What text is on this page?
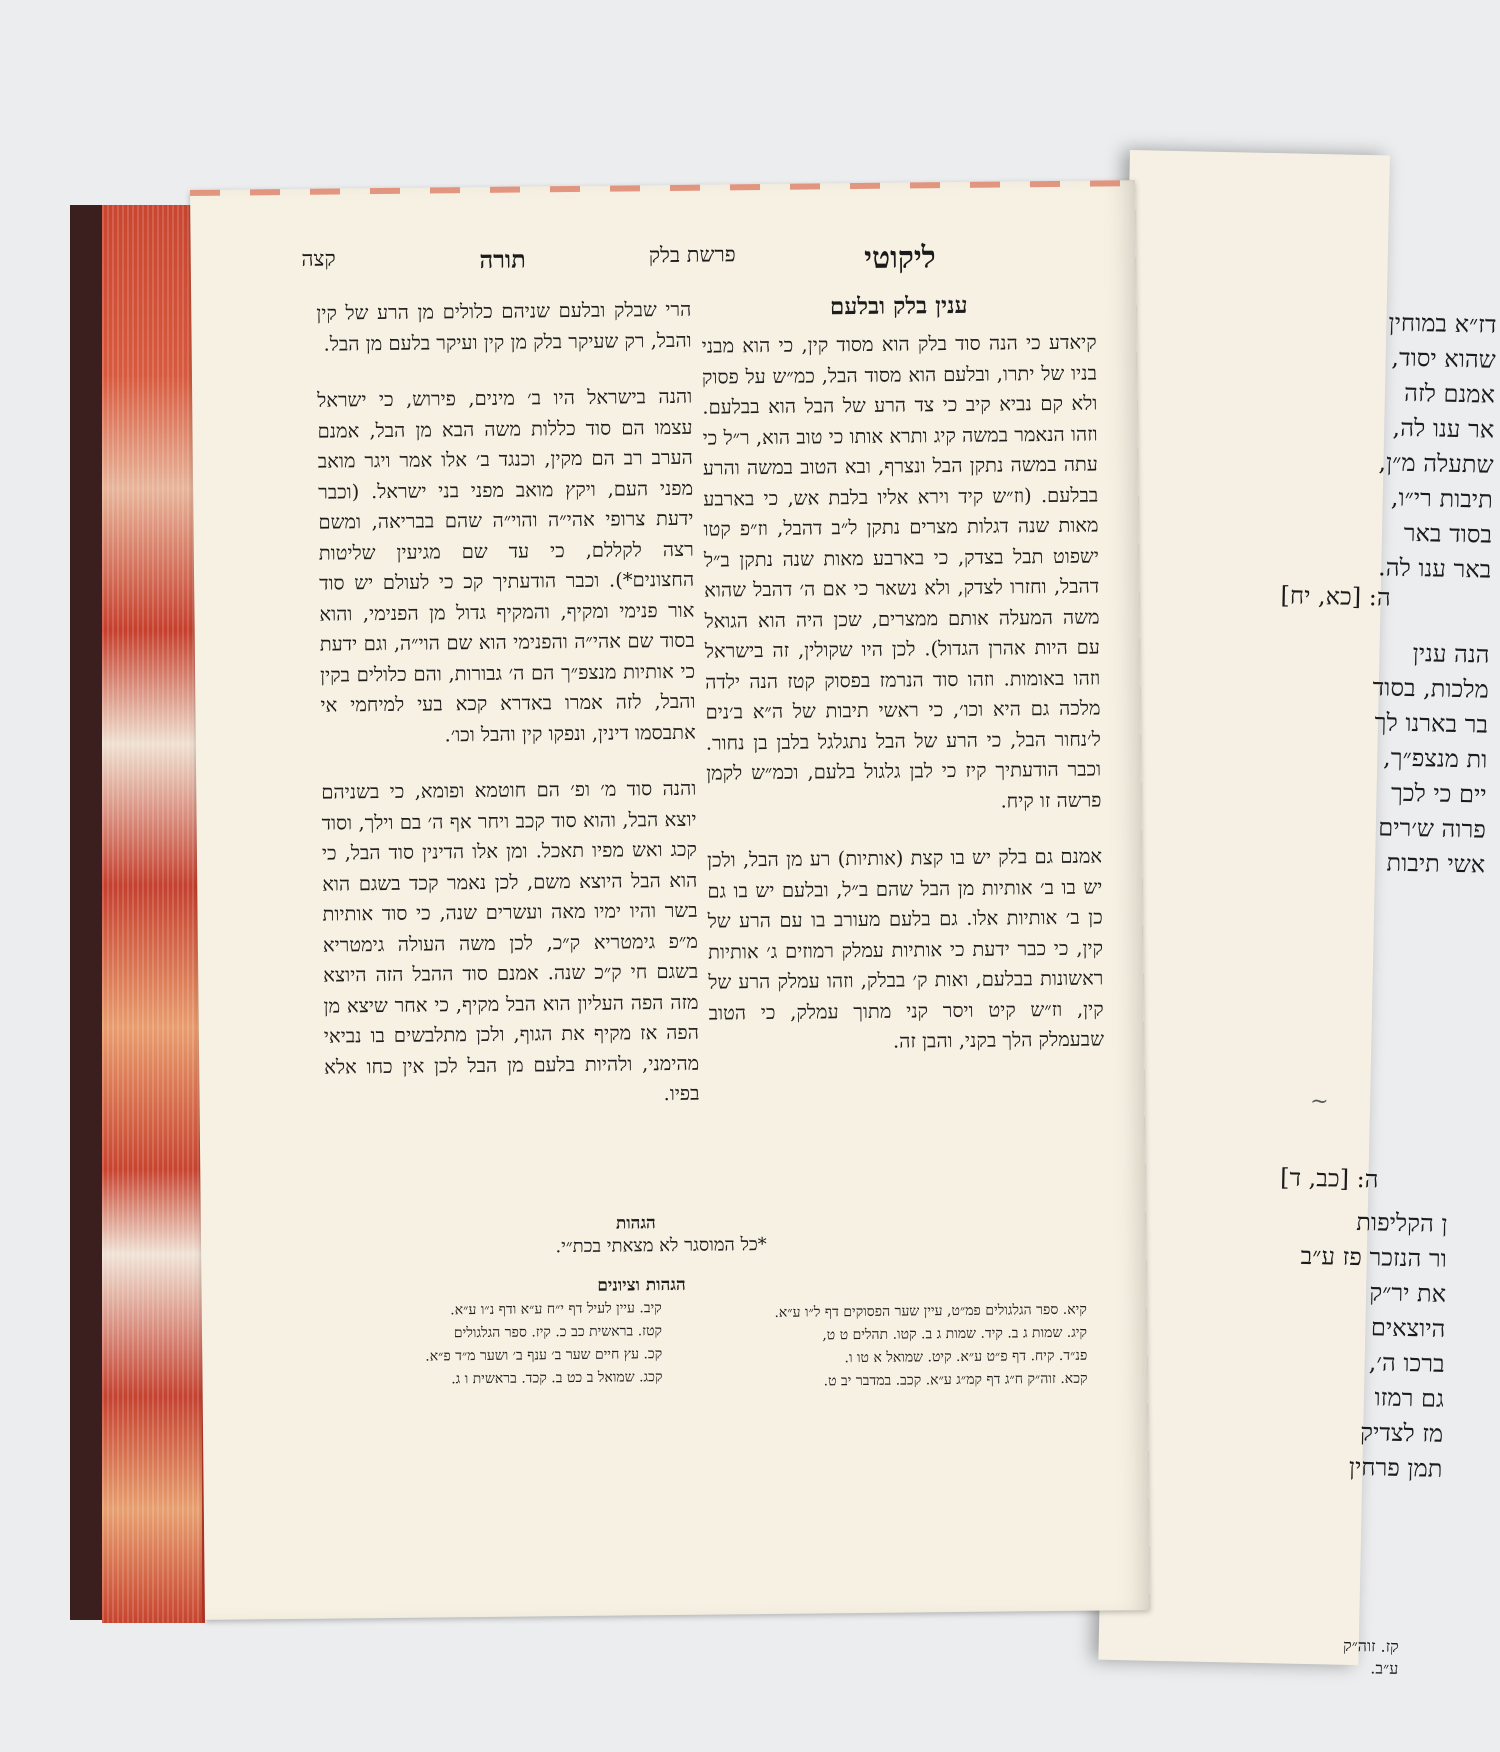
דז״א במוחין
שהוא יסוד,
אמנם לזה
אר ענו לה,
שתעלה מ״ן,
תיבות רי״ו,
בסוד באר
באר ענו לה.
ה: [כא, יח]
הנה ענין
מלכות, בסוד
בר בארנו לך
ות מנצפ״ך,
יים כי לכך
פרוה ש׳רים
אשי תיבות
~
ה: [כב, ד]
ן הקליפות
ור הנזכר פז ע״ב
את יר״ק
היוצאים
ברכו ה׳,
גם רמזו
מז לצדיק
תמן פרחין
קז. זוה״ק
ע״ב.
ליקוטי
פרשת בלק
תורה
קצה
ענין בלק ובלעם

קיאדע כי הנה סוד בלק הוא מסוד קין, כי הוא מבני בניו של יתרו, ובלעם הוא מסוד הבל, כמ״ש על פסוק ולא קם נביא קיב כי צד הרע של הבל הוא בבלעם. וזהו הנאמר במשה קיג ותרא אותו כי טוב הוא, ר״ל כי עתה במשה נתקן הבל ונצרף, ובא הטוב במשה והרע בבלעם. (וז״ש קיד וירא אליו בלבת אש, כי בארבע מאות שנה דגלות מצרים נתקן ל״ב דהבל, וז״פ קטו ישפוט תבל בצדק, כי בארבע מאות שנה נתקן ב״ל דהבל, וחזרו לצדק, ולא נשאר כי אם ה׳ דהבל שהוא משה המעלה אותם ממצרים, שכן היה הוא הגואל עם היות אהרן הגדול). לכן היו שקולין, זה בישראל וזהו באומות. וזהו סוד הנרמז בפסוק קטז הנה ילדה מלכה גם היא וכו׳, כי ראשי תיבות של ה״א ב׳נים ל׳נחור הבל, כי הרע של הבל נתגלגל בלבן בן נחור. וכבר הודעתיך קיז כי לבן גלגול בלעם, וכמ״ש לקמן פרשה זו קיח.

אמנם גם בלק יש בו קצת (אותיות) רע מן הבל, ולכן יש בו ב׳ אותיות מן הבל שהם ב״ל, ובלעם יש בו גם כן ב׳ אותיות אלו. גם בלעם מעורב בו עם הרע של קין, כי כבר ידעת כי אותיות עמלק רמוזים ג׳ אותיות ראשונות בבלעם, ואות ק׳ בבלק, וזהו עמלק הרע של קין, וז״ש קיט ויסר קני מתוך עמלק, כי הטוב שבעמלק הלך בקני, והבן זה.

הרי שבלק ובלעם שניהם כלולים מן הרע של קין והבל, רק שעיקר בלק מן קין ועיקר בלעם מן הבל.

והנה בישראל היו ב׳ מינים, פירוש, כי ישראל עצמו הם סוד כללות משה הבא מן הבל, אמנם הערב רב הם מקין, וכנגד ב׳ אלו אמר ויגר מואב מפני העם, ויקץ מואב מפני בני ישראל. (וכבר ידעת צרופי אהי״ה והוי״ה שהם בבריאה, ומשם רצה לקללם, כי עד שם מגיעין שליטות החצונים*). וכבר הודעתיך קכ כי לעולם יש סוד אור פנימי ומקיף, והמקיף גדול מן הפנימי, והוא בסוד שם אהי״ה והפנימי הוא שם הוי״ה, וגם ידעת כי אותיות מנצפ״ך הם ה׳ גבורות, והם כלולים בקין והבל, לזה אמרו באדרא קכא בעי למיחמי אי אתבסמו דינין, ונפקו קין והבל וכו׳.

והנה סוד מ׳ ופ׳ הם חוטמא ופומא, כי בשניהם יוצא הבל, והוא סוד קכב ויחר אף ה׳ בם וילך, וסוד קכג ואש מפיו תאכל. ומן אלו הדינין סוד הבל, כי הוא הבל היוצא משם, לכן נאמר קכד בשגם הוא בשר והיו ימיו מאה ועשרים שנה, כי סוד אותיות מ״פ גימטריא ק״כ, לכן משה העולה גימטריא בשגם חי ק״כ שנה. אמנם סוד ההבל הזה היוצא מזה הפה העליון הוא הבל מקיף, כי אחר שיצא מן הפה אז מקיף את הגוף, ולכן מתלבשים בו נביאי מהימני, ולהיות בלעם מן הבל לכן אין כחו אלא בפיו.

הגהות
*כל המוסגר לא מצאתי בכת״י.
הגהות וציונים
קיא. ספר הגלגולים פמ״ט, עיין שער הפסוקים דף ל״ו ע״א.
קיג. שמות ג ב. קיד. שמות ג ב. קטו. תהלים ט ט,
פנ״ד. קיח. דף פ״ט ע״א. קיט. שמואל א טו ו.
קכא. זוה״ק ח״ג דף קמ״ג ע״א. קכב. במדבר יב ט.
קיב. עיין לעיל דף י״ח ע״א ודף נ״ו ע״א.
קטז. בראשית כב כ. קיז. ספר הגלגולים
קכ. עץ חיים שער ב׳ ענף ב׳ ושער מ״ד פ״א.
קכג. שמואל ב כט ב. קכד. בראשית ו ג.
